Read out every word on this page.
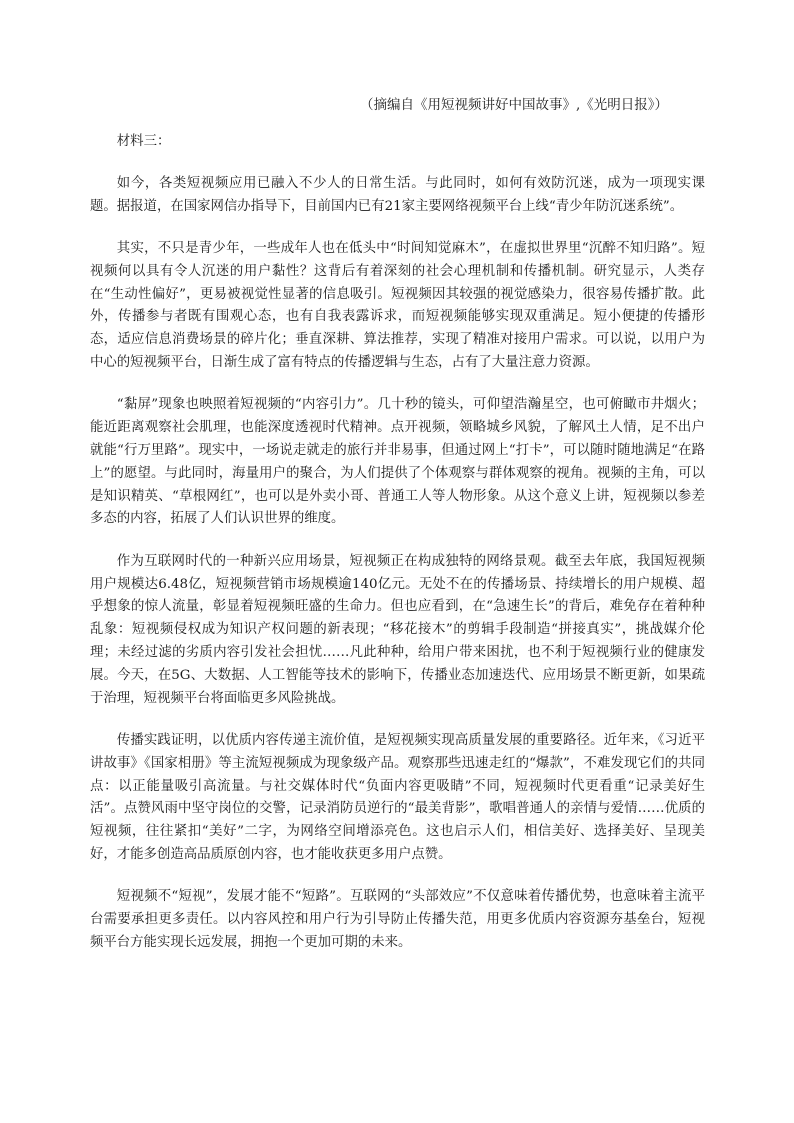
（摘编自《用短视频讲好中国故事》,《光明日报》）

材料三：

如今，各类短视频应用已融入不少人的日常生活。与此同时，如何有效防沉迷，成为一项现实课题。据报道，在国家网信办指导下，目前国内已有21家主要网络视频平台上线“青少年防沉迷系统”。

其实，不只是青少年，一些成年人也在低头中“时间知觉麻木”，在虚拟世界里“沉醉不知归路”。短视频何以具有令人沉迷的用户黏性？这背后有着深刻的社会心理机制和传播机制。研究显示，人类存在“生动性偏好”，更易被视觉性显著的信息吸引。短视频因其较强的视觉感染力，很容易传播扩散。此外，传播参与者既有围观心态，也有自我表露诉求，而短视频能够实现双重满足。短小便捷的传播形态，适应信息消费场景的碎片化；垂直深耕、算法推荐，实现了精准对接用户需求。可以说，以用户为中心的短视频平台，日渐生成了富有特点的传播逻辑与生态，占有了大量注意力资源。

“黏屏”现象也映照着短视频的“内容引力”。几十秒的镜头，可仰望浩瀚星空，也可俯瞰市井烟火；能近距离观察社会肌理，也能深度透视时代精神。点开视频，领略城乡风貌，了解风土人情，足不出户就能“行万里路”。现实中，一场说走就走的旅行并非易事，但通过网上“打卡”，可以随时随地满足“在路上”的愿望。与此同时，海量用户的聚合，为人们提供了个体观察与群体观察的视角。视频的主角，可以是知识精英、“草根网红”，也可以是外卖小哥、普通工人等人物形象。从这个意义上讲，短视频以参差多态的内容，拓展了人们认识世界的维度。

作为互联网时代的一种新兴应用场景，短视频正在构成独特的网络景观。截至去年底，我国短视频用户规模达6.48亿，短视频营销市场规模逾140亿元。无处不在的传播场景、持续增长的用户规模、超乎想象的惊人流量，彰显着短视频旺盛的生命力。但也应看到，在“急速生长”的背后，难免存在着种种乱象：短视频侵权成为知识产权问题的新表现；“移花接木”的剪辑手段制造“拼接真实”，挑战媒介伦理；未经过滤的劣质内容引发社会担忧……凡此种种，给用户带来困扰，也不利于短视频行业的健康发展。今天，在5G、大数据、人工智能等技术的影响下，传播业态加速迭代、应用场景不断更新，如果疏于治理，短视频平台将面临更多风险挑战。

传播实践证明，以优质内容传递主流价值，是短视频实现高质量发展的重要路径。近年来，《习近平讲故事》《国家相册》等主流短视频成为现象级产品。观察那些迅速走红的“爆款”，不难发现它们的共同点：以正能量吸引高流量。与社交媒体时代“负面内容更吸睛”不同，短视频时代更看重“记录美好生活”。点赞风雨中坚守岗位的交警，记录消防员逆行的“最美背影”，歌唱普通人的亲情与爱情……优质的短视频，往往紧扣“美好”二字，为网络空间增添亮色。这也启示人们，相信美好、选择美好、呈现美好，才能多创造高品质原创内容，也才能收获更多用户点赞。

短视频不“短视”，发展才能不“短路”。互联网的“头部效应”不仅意味着传播优势，也意味着主流平台需要承担更多责任。以内容风控和用户行为引导防止传播失范，用更多优质内容资源夯基垒台，短视频平台方能实现长远发展，拥抱一个更加可期的未来。
